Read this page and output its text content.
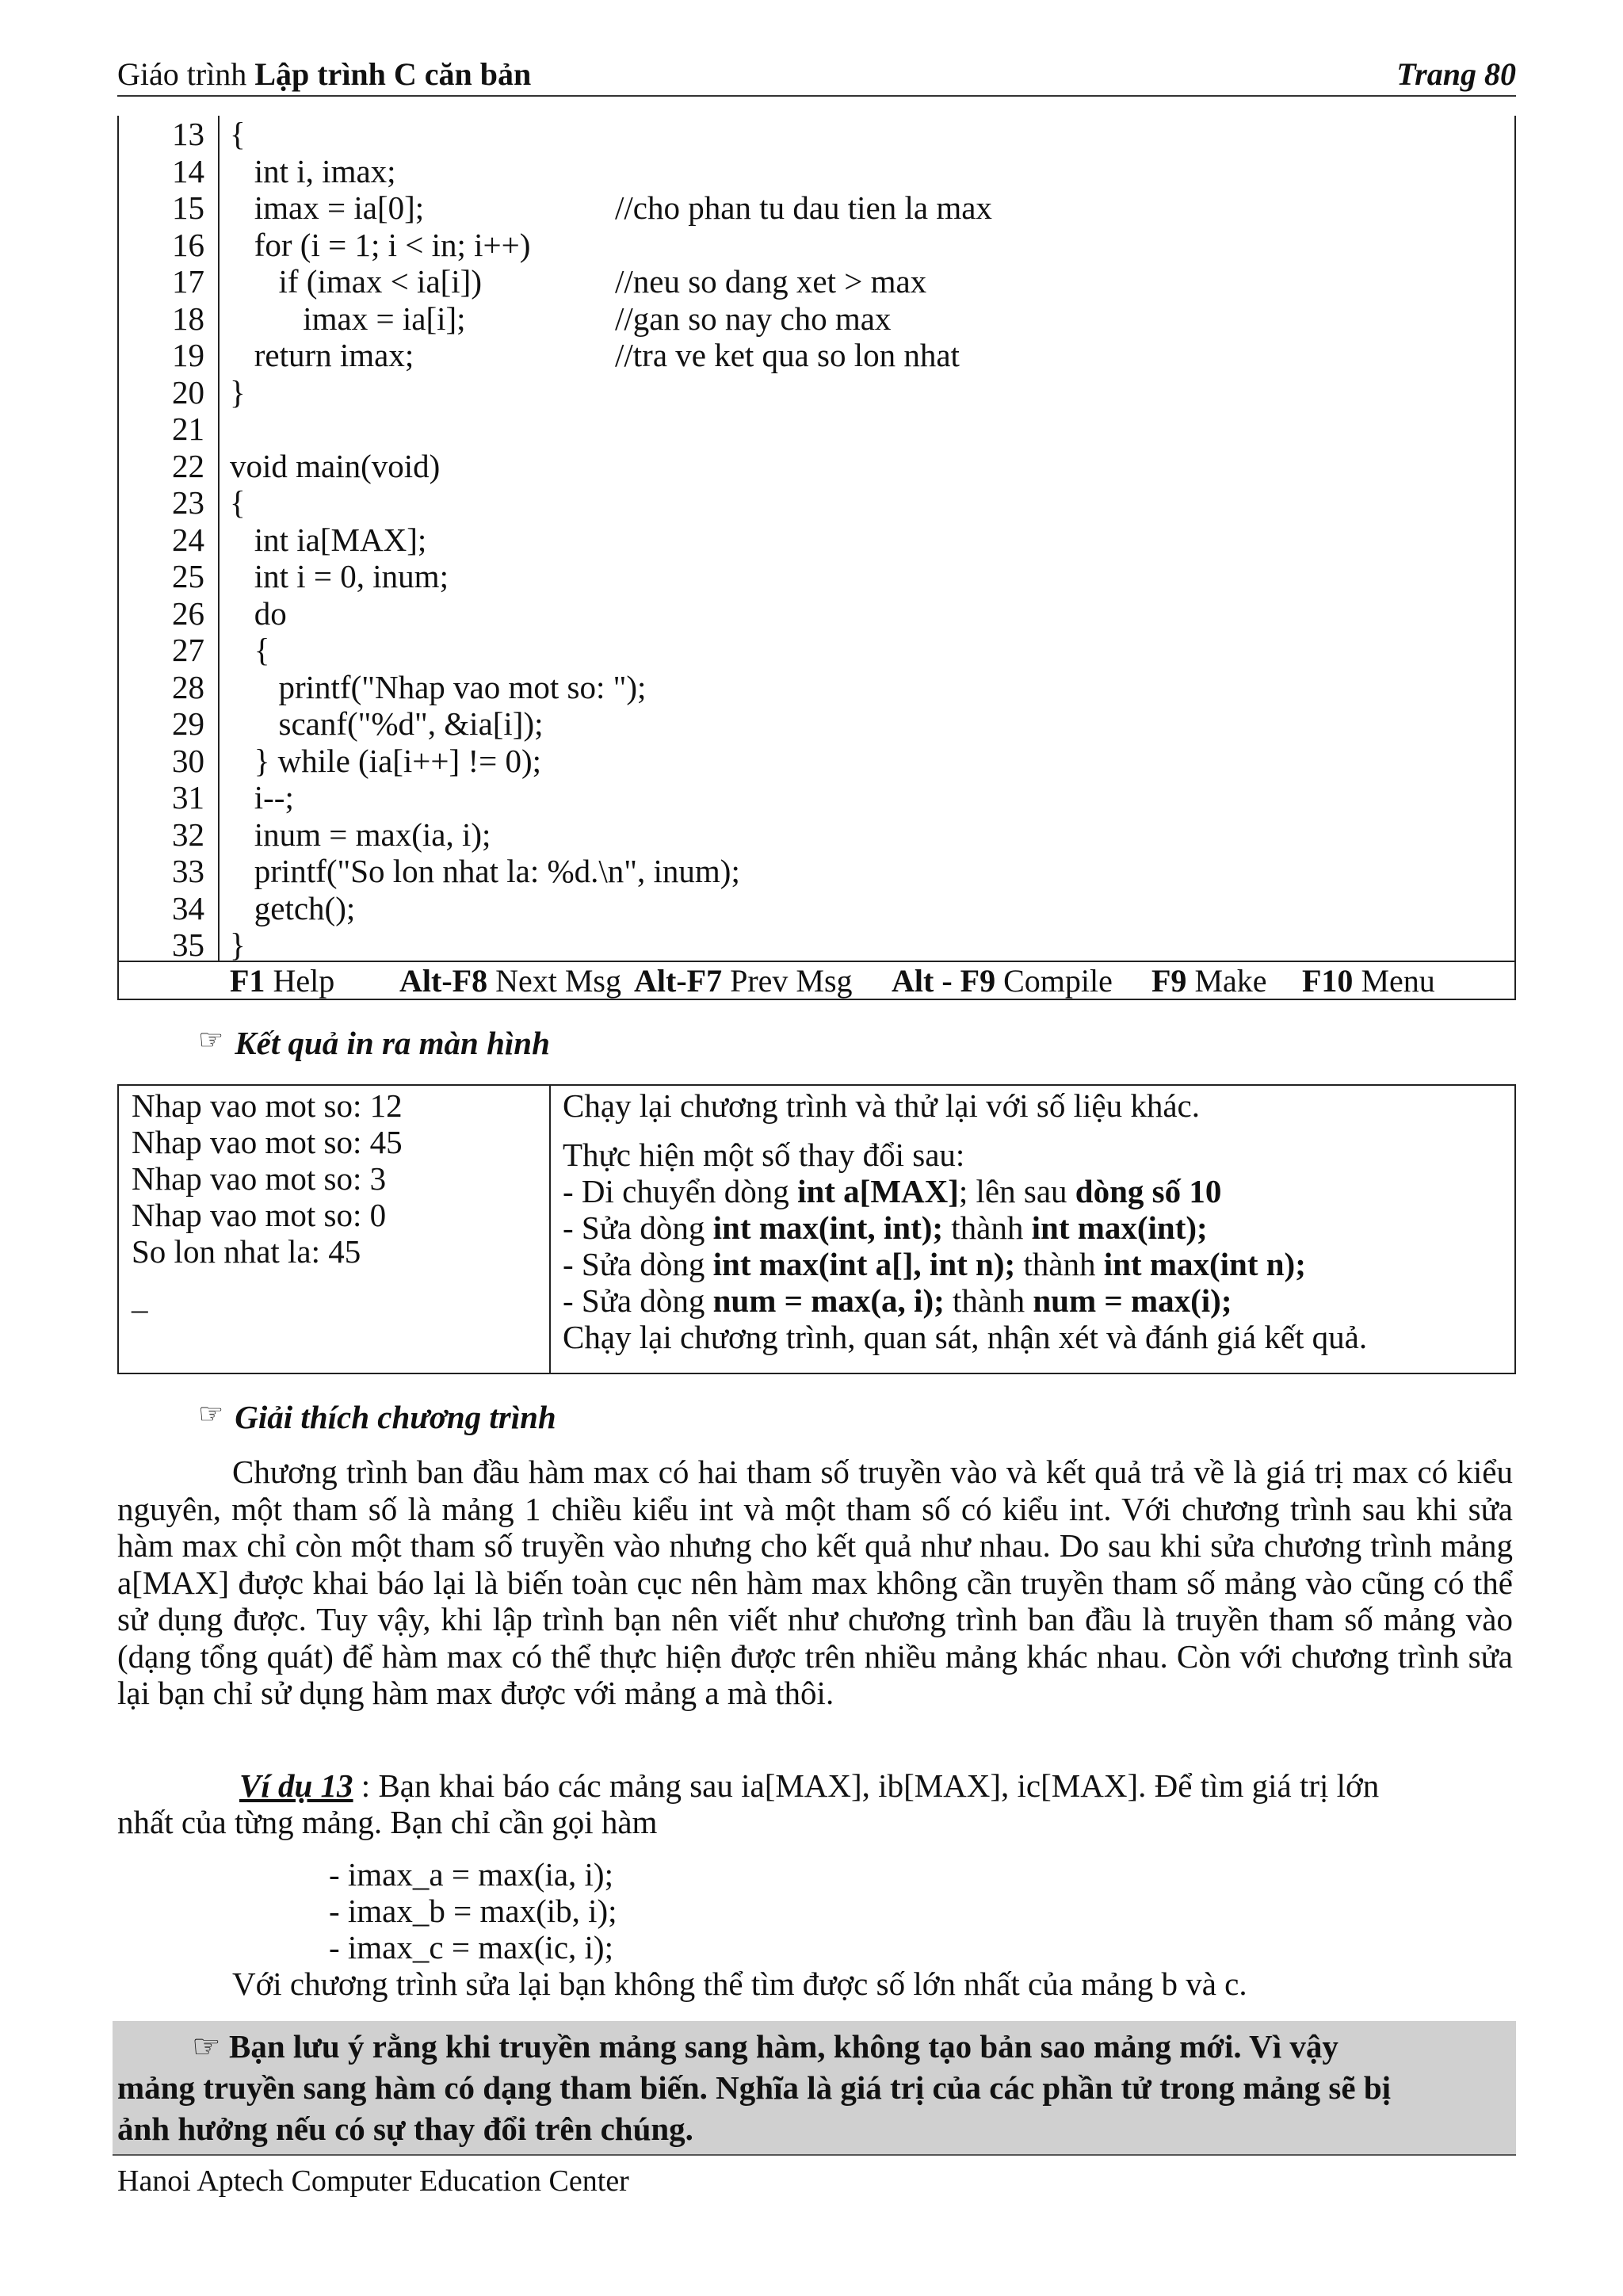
Giáo trình Lập trình C căn bản	Trang 80
13 {
14 int i, imax;
15 imax = ia[0];	//cho phan tu dau tien la max
16 for (i = 1; i < in; i++)
17 if (imax < ia[i])	//neu so dang xet > max
18 imax = ia[i];	//gan so nay cho max
19 return imax;	//tra ve ket qua so lon nhat
20 }
21
22 void main(void)
23 {
24 int ia[MAX];
25 int i = 0, inum;
26 do
27 {
28 printf("Nhap vao mot so: ");
29 scanf("%d", &ia[i]);
30 } while (ia[i++] != 0);
31 i--;
32 inum = max(ia, i);
33 printf("So lon nhat la: %d.\n", inum);
34 getch();
35 }
F1 Help Alt-F8 Next Msg Alt-F7 Prev Msg Alt - F9 Compile F9 Make F10 Menu
☞ Kết quả in ra màn hình
Nhap vao mot so: 12
Nhap vao mot so: 45
Nhap vao mot so: 3
Nhap vao mot so: 0
So lon nhat la: 45
_
Chạy lại chương trình và thử lại với số liệu khác.
Thực hiện một số thay đổi sau:
- Di chuyển dòng int a[MAX]; lên sau dòng số 10
- Sửa dòng int max(int, int); thành int max(int);
- Sửa dòng int max(int a[], int n); thành int max(int n);
- Sửa dòng num = max(a, i); thành num = max(i);
Chạy lại chương trình, quan sát, nhận xét và đánh giá kết quả.
☞ Giải thích chương trình
Chương trình ban đầu hàm max có hai tham số truyền vào và kết quả trả về là giá trị max có kiểu nguyên, một tham số là mảng 1 chiều kiểu int và một tham số có kiểu int. Với chương trình sau khi sửa hàm max chỉ còn một tham số truyền vào nhưng cho kết quả như nhau. Do sau khi sửa chương trình mảng a[MAX] được khai báo lại là biến toàn cục nên hàm max không cần truyền tham số mảng vào cũng có thể sử dụng được. Tuy vậy, khi lập trình bạn nên viết như chương trình ban đầu là truyền tham số mảng vào (dạng tổng quát) để hàm max có thể thực hiện được trên nhiều mảng khác nhau. Còn với chương trình sửa lại bạn chỉ sử dụng hàm max được với mảng a mà thôi.
Ví dụ 13 : Bạn khai báo các mảng sau ia[MAX], ib[MAX], ic[MAX]. Để tìm giá trị lớn
nhất của từng mảng. Bạn chỉ cần gọi hàm
- imax_a = max(ia, i);
- imax_b = max(ib, i);
- imax_c = max(ic, i);
Với chương trình sửa lại bạn không thể tìm được số lớn nhất của mảng b và c.
☞ Bạn lưu ý rằng khi truyền mảng sang hàm, không tạo bản sao mảng mới. Vì vậy
mảng truyền sang hàm có dạng tham biến. Nghĩa là giá trị của các phần tử trong mảng sẽ bị
ảnh hưởng nếu có sự thay đổi trên chúng.
Hanoi Aptech Computer Education Center
